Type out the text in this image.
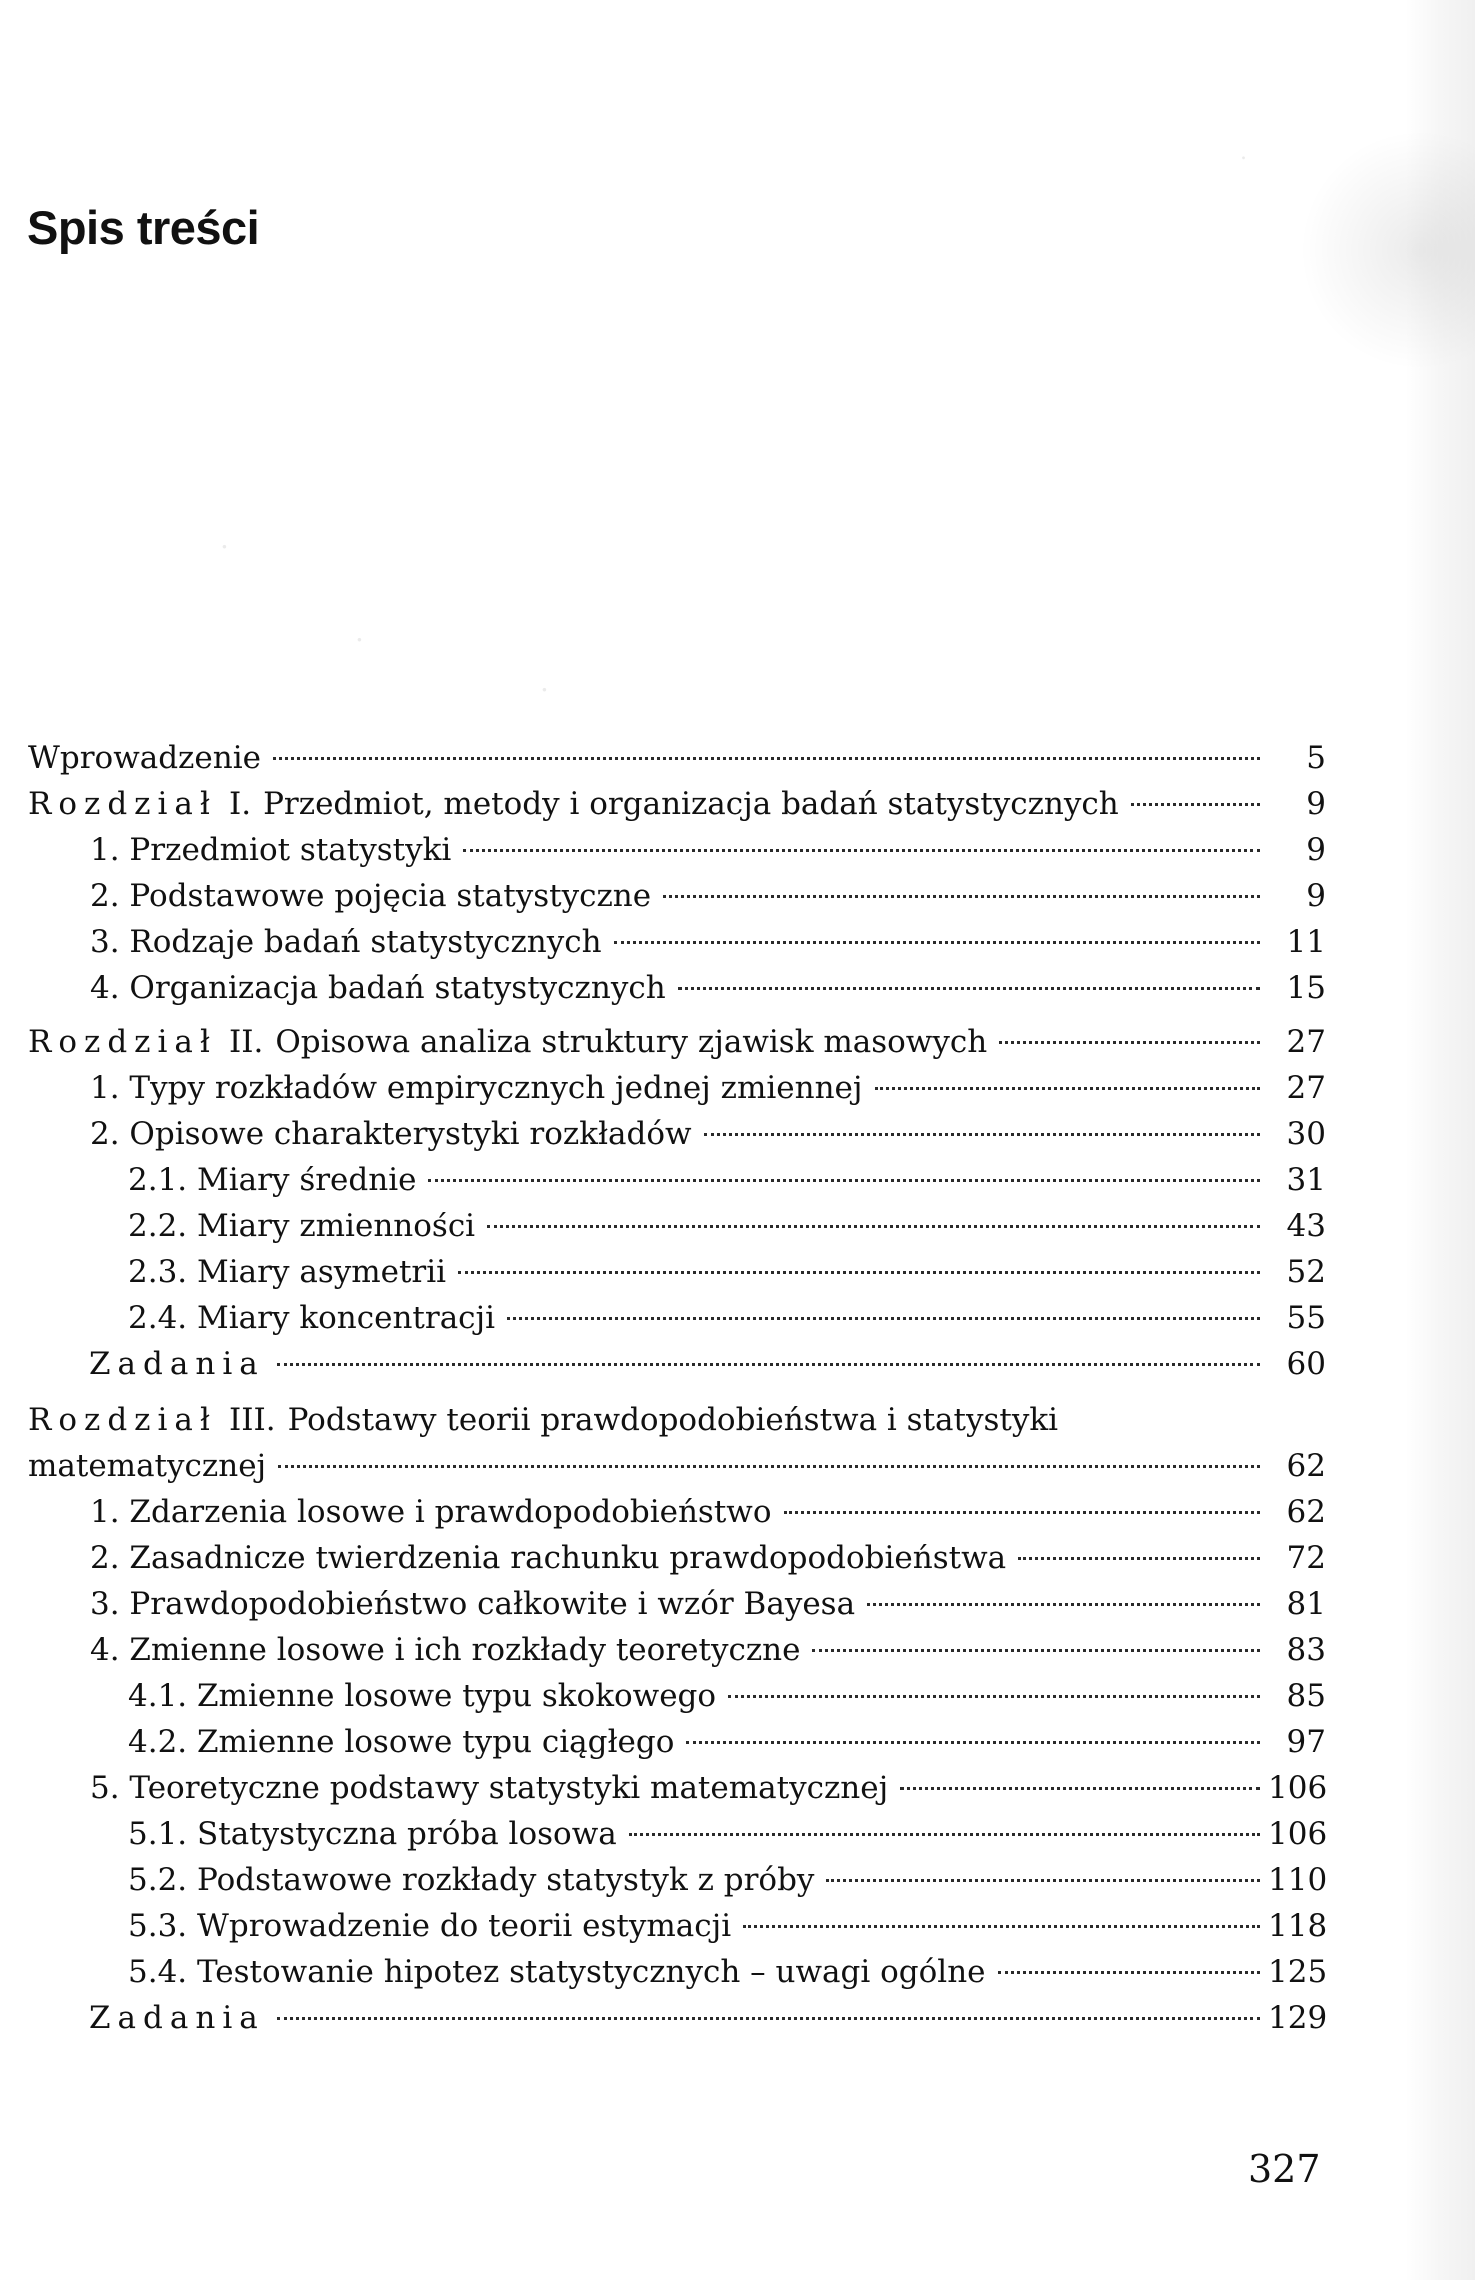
.
.
.
.
Spis treści
Wprowadzenie	5
Rozdział I. Przedmiot, metody i organizacja badań statystycznych	9
1. Przedmiot statystyki	9
2. Podstawowe pojęcia statystyczne	9
3. Rodzaje badań statystycznych	11
4. Organizacja badań statystycznych	15
Rozdział II. Opisowa analiza struktury zjawisk masowych	27
1. Typy rozkładów empirycznych jednej zmiennej	27
2. Opisowe charakterystyki rozkładów	30
2.1. Miary średnie	31
2.2. Miary zmienności	43
2.3. Miary asymetrii	52
2.4. Miary koncentracji	55
Zadania	60
Rozdział III. Podstawy teorii prawdopodobieństwa i statystyki
matematycznej	62
1. Zdarzenia losowe i prawdopodobieństwo	62
2. Zasadnicze twierdzenia rachunku prawdopodobieństwa	72
3. Prawdopodobieństwo całkowite i wzór Bayesa	81
4. Zmienne losowe i ich rozkłady teoretyczne	83
4.1. Zmienne losowe typu skokowego	85
4.2. Zmienne losowe typu ciągłego	97
5. Teoretyczne podstawy statystyki matematycznej	106
5.1. Statystyczna próba losowa	106
5.2. Podstawowe rozkłady statystyk z próby	110
5.3. Wprowadzenie do teorii estymacji	118
5.4. Testowanie hipotez statystycznych – uwagi ogólne	125
Zadania	129
327
